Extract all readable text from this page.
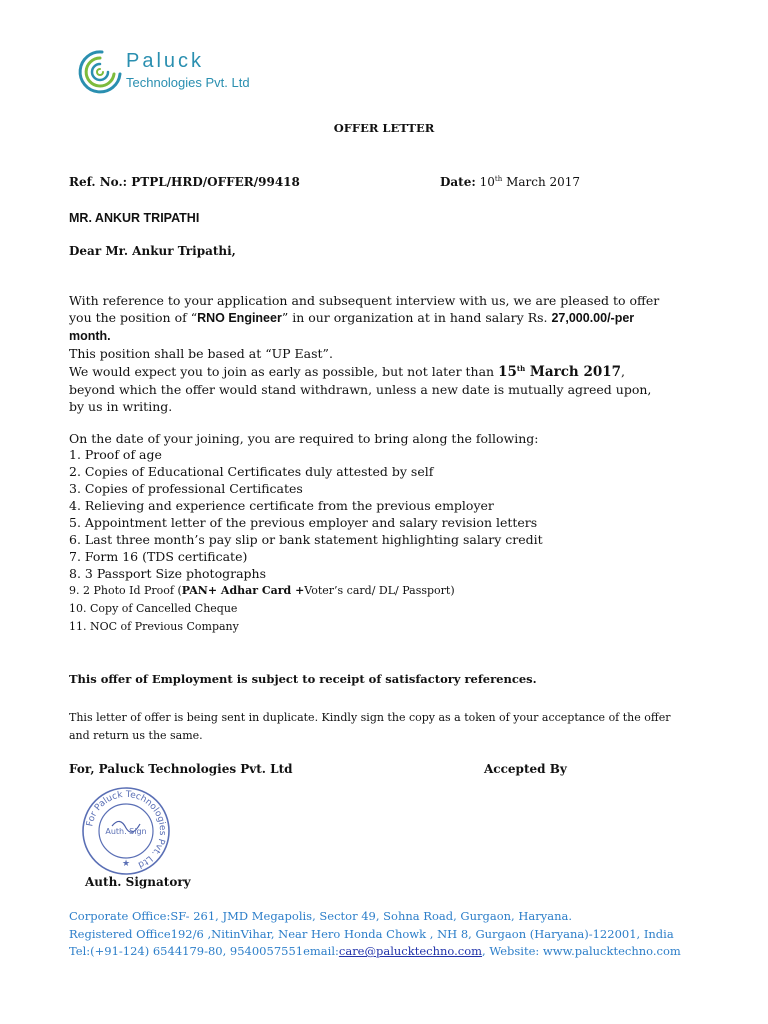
Paluck
Technologies Pvt. Ltd
OFFER LETTER
Ref. No.: PTPL/HRD/OFFER/99418	Date: 10th March 2017
MR. ANKUR TRIPATHI
Dear Mr. Ankur Tripathi,
With reference to your application and subsequent interview with us, we are pleased to offer you the position of “RNO Engineer” in our organization at in hand salary Rs. 27,000.00/-per month.
This position shall be based at “UP East”.
We would expect you to join as early as possible, but not later than 15th March 2017, beyond which the offer would stand withdrawn, unless a new date is mutually agreed upon, by us in writing.
On the date of your joining, you are required to bring along the following:
1. Proof of age
2. Copies of Educational Certificates duly attested by self
3. Copies of professional Certificates
4. Relieving and experience certificate from the previous employer
5. Appointment letter of the previous employer and salary revision letters
6. Last three month’s pay slip or bank statement highlighting salary credit
7. Form 16 (TDS certificate)
8. 3 Passport Size photographs
9. 2 Photo Id Proof (PAN+ Adhar Card +Voter’s card/ DL/ Passport)
10. Copy of Cancelled Cheque
11. NOC of Previous Company
This offer of Employment is subject to receipt of satisfactory references.
This letter of offer is being sent in duplicate. Kindly sign the copy as a token of your acceptance of the offer and return us the same.
For, Paluck Technologies Pvt. Ltd	Accepted By
For Paluck Technologies Pvt. Ltd
Auth. Sign
★
Auth. Signatory
Corporate Office:SF- 261, JMD Megapolis, Sector 49, Sohna Road, Gurgaon, Haryana.
Registered Office192/6 ,NitinVihar, Near Hero Honda Chowk , NH 8, Gurgaon (Haryana)-122001, India
Tel:(+91-124) 6544179-80, 9540057551email:care@palucktechno.com, Website: www.palucktechno.com
